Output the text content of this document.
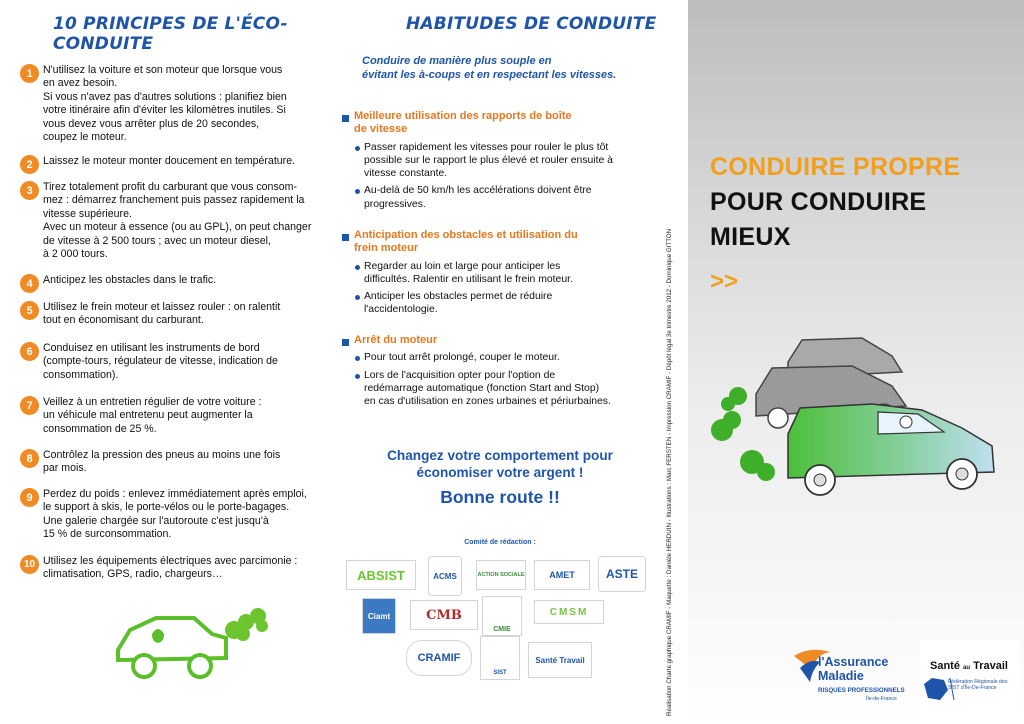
10 PRINCIPES DE L'ÉCO-CONDUITE
1 N'utilisez la voiture et son moteur que lorsque vous
en avez besoin.
Si vous n'avez pas d'autres solutions : planifiez bien
votre itinéraire afin d'éviter les kilomètres inutiles. Si
vous devez vous arrêter plus de 20 secondes,
coupez le moteur.
2 Laissez le moteur monter doucement en température.
3 Tirez totalement profit du carburant que vous consom-
mez : démarrez franchement puis passez rapidement la
vitesse supérieure.
Avec un moteur à essence (ou au GPL), on peut changer
de vitesse à 2 500 tours ; avec un moteur diesel,
à 2 000 tours.
4 Anticipez les obstacles dans le trafic.
5 Utilisez le frein moteur et laissez rouler : on ralentit
tout en économisant du carburant.
6 Conduisez en utilisant les instruments de bord
(compte-tours, régulateur de vitesse, indication de
consommation).
7 Veillez à un entretien régulier de votre voiture :
un véhicule mal entretenu peut augmenter la
consommation de 25 %.
8 Contrôlez la pression des pneus au moins une fois
par mois.
9 Perdez du poids : enlevez immédiatement après emploi,
le support à skis, le porte-vélos ou le porte-bagages.
Une galerie chargée sur l'autoroute c'est jusqu'à
15 % de surconsommation.
10 Utilisez les équipements électriques avec parcimonie :
climatisation, GPS, radio, chargeurs…
HABITUDES DE CONDUITE
Conduire de manière plus souple en
évitant les à-coups et en respectant les vitesses.
Meilleure utilisation des rapports de boîte
de vitesse
Passer rapidement les vitesses pour rouler le plus tôt
possible sur le rapport le plus élevé et rouler ensuite à
vitesse constante.
Au-delà de 50 km/h les accélérations doivent être
progressives.
Anticipation des obstacles et utilisation du
frein moteur
Regarder au loin et large pour anticiper les
difficultés. Ralentir en utilisant le frein moteur.
Anticiper les obstacles permet de réduire
l'accidentologie.
Arrêt du moteur
Pour tout arrêt prolongé, couper le moteur.
Lors de l'acquisition opter pour l'option de
redémarrage automatique (fonction Start and Stop)
en cas d'utilisation en zones urbaines et périurbaines.
Changez votre comportement pour
économiser votre argent !
Bonne route !!
Comité de rédaction :
ABSIST	ACMS	ACTION SOCIALE	AMET	ASTE
Ciamt	CMB
CMIE
CMSM
CRAMIF
SIST
Santé Travail	Réalisation Charte graphique CRAMIF - Maquette : Danièle HERDUIN - Illustrations : Marc FERSTEN - Impression CRAMIF - Dépôt légal 3e trimestre 2012 - Dominique GITTON
CONDUIRE PROPRE
POUR CONDUIRE
MIEUX
>>
l'Assurance
Maladie
RISQUES PROFESSIONNELS
Île-de-France
Santé au Travail
Fédération Régionale des SIST d'Île-De-France
